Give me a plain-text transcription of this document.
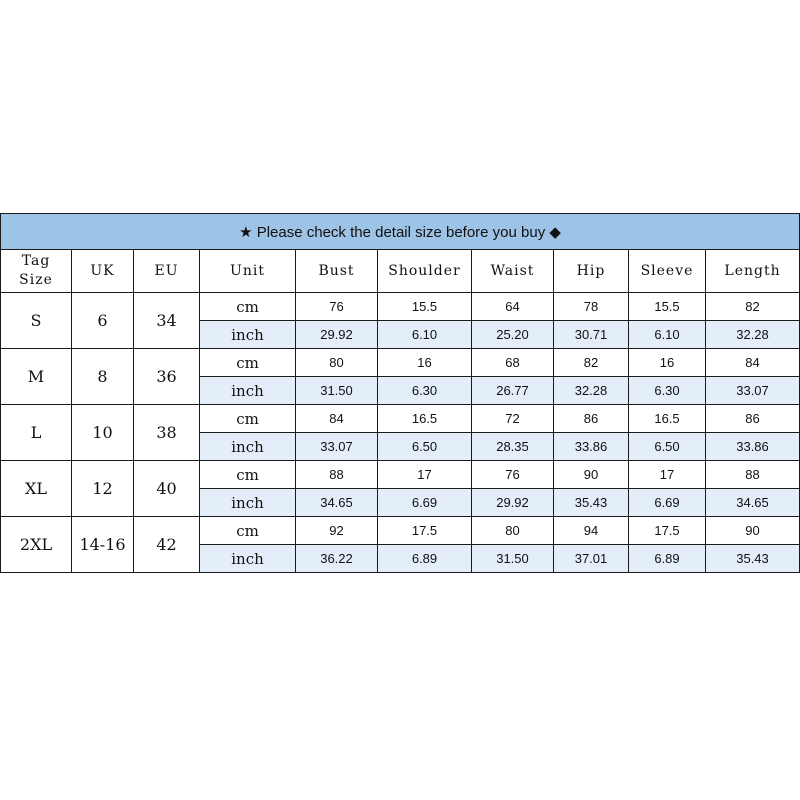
★ Please check the detail size before you buy ◆									
Tag
Size	UK	EU	Unit	Bust	Shoulder	Waist	Hip	Sleeve	Length
S	6	34	cm	76	15.5	64	78	15.5	82
			inch	29.92	6.10	25.20	30.71	6.10	32.28
M	8	36	cm	80	16	68	82	16	84
			inch	31.50	6.30	26.77	32.28	6.30	33.07
L	10	38	cm	84	16.5	72	86	16.5	86
			inch	33.07	6.50	28.35	33.86	6.50	33.86
XL	12	40	cm	88	17	76	90	17	88
			inch	34.65	6.69	29.92	35.43	6.69	34.65
2XL	14-16	42	cm	92	17.5	80	94	17.5	90
			inch	36.22	6.89	31.50	37.01	6.89	35.43
